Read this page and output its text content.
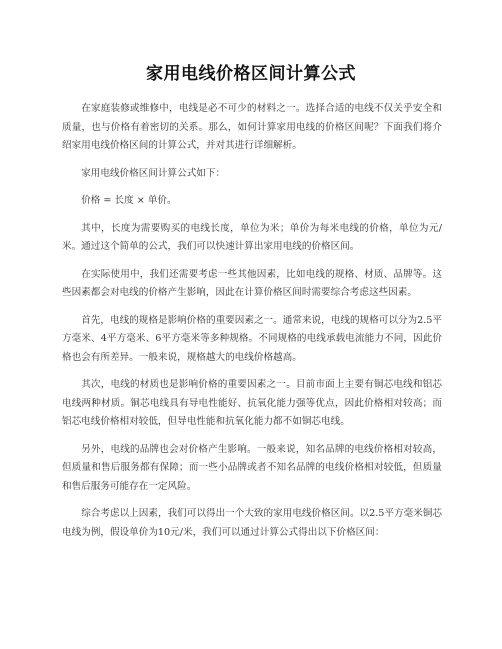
家用电线价格区间计算公式

在家庭装修或维修中，电线是必不可少的材料之一。选择合适的电线不仅关乎安全和质量，也与价格有着密切的关系。那么，如何计算家用电线的价格区间呢？下面我们将介绍家用电线价格区间的计算公式，并对其进行详细解析。

家用电线价格区间计算公式如下：

价格 = 长度 × 单价。

其中，长度为需要购买的电线长度，单位为米；单价为每米电线的价格，单位为元/米。通过这个简单的公式，我们可以快速计算出家用电线的价格区间。

在实际使用中，我们还需要考虑一些其他因素，比如电线的规格、材质、品牌等。这些因素都会对电线的价格产生影响，因此在计算价格区间时需要综合考虑这些因素。

首先，电线的规格是影响价格的重要因素之一。通常来说，电线的规格可以分为2.5平方毫米、4平方毫米、6平方毫米等多种规格。不同规格的电线承载电流能力不同，因此价格也会有所差异。一般来说，规格越大的电线价格越高。

其次，电线的材质也是影响价格的重要因素之一。目前市面上主要有铜芯电线和铝芯电线两种材质。铜芯电线具有导电性能好、抗氧化能力强等优点，因此价格相对较高；而铝芯电线价格相对较低，但导电性能和抗氧化能力都不如铜芯电线。

另外，电线的品牌也会对价格产生影响。一般来说，知名品牌的电线价格相对较高，但质量和售后服务都有保障；而一些小品牌或者不知名品牌的电线价格相对较低，但质量和售后服务可能存在一定风险。

综合考虑以上因素，我们可以得出一个大致的家用电线价格区间。以2.5平方毫米铜芯电线为例，假设单价为10元/米，我们可以通过计算公式得出以下价格区间：
